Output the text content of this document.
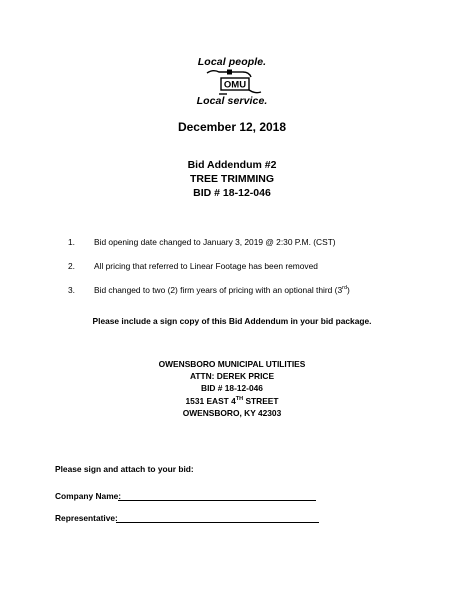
Local people.
OMU
Local service.
December 12, 2018
Bid Addendum #2
TREE TRIMMING
BID # 18-12-046
1. Bid opening date changed to January 3, 2019 @ 2:30 P.M. (CST)
2. All pricing that referred to Linear Footage has been removed
3. Bid changed to two (2) firm years of pricing with an optional third (3rd)
Please include a sign copy of this Bid Addendum in your bid package.
OWENSBORO MUNICIPAL UTILITIES
ATTN: DEREK PRICE
BID # 18-12-046
1531 EAST 4TH STREET
OWENSBORO, KY 42303
Please sign and attach to your bid:
Company Name:
Representative:
